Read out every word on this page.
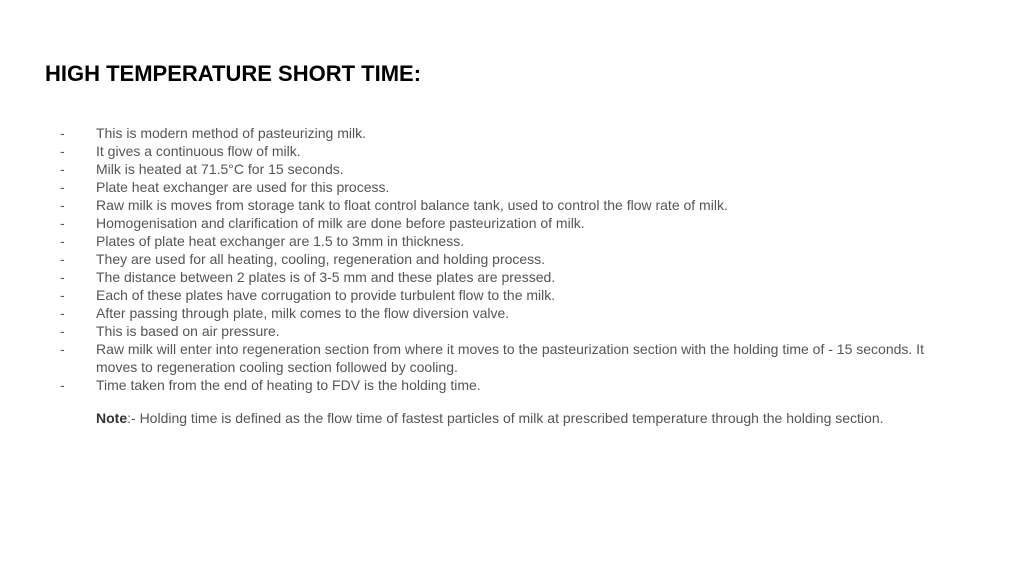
HIGH TEMPERATURE SHORT TIME:
-	This is modern method of pasteurizing milk.
-	It gives a continuous flow of milk.
-	Milk is heated at 71.5°C for 15 seconds.
-	Plate heat exchanger are used for this process.
-	Raw milk is moves from storage tank to float control balance tank, used to control the flow rate of milk.
-	Homogenisation and clarification of milk are done before pasteurization of milk.
-	Plates of plate heat exchanger are 1.5 to 3mm in thickness.
-	They are used for all heating, cooling, regeneration and holding process.
-	The distance between 2 plates is of 3-5 mm and these plates are pressed.
-	Each of these plates have corrugation to provide turbulent flow to the milk.
-	After passing through plate, milk comes to the flow diversion valve.
-	This is based on air pressure.
-	Raw milk will enter into regeneration section from where it moves to the pasteurization section with the holding time of - 15 seconds. It moves to regeneration cooling section followed by cooling.
-	Time taken from the end of heating to FDV is the holding time.

Note:- Holding time is defined as the flow time of fastest particles of milk at prescribed temperature through the holding section.
